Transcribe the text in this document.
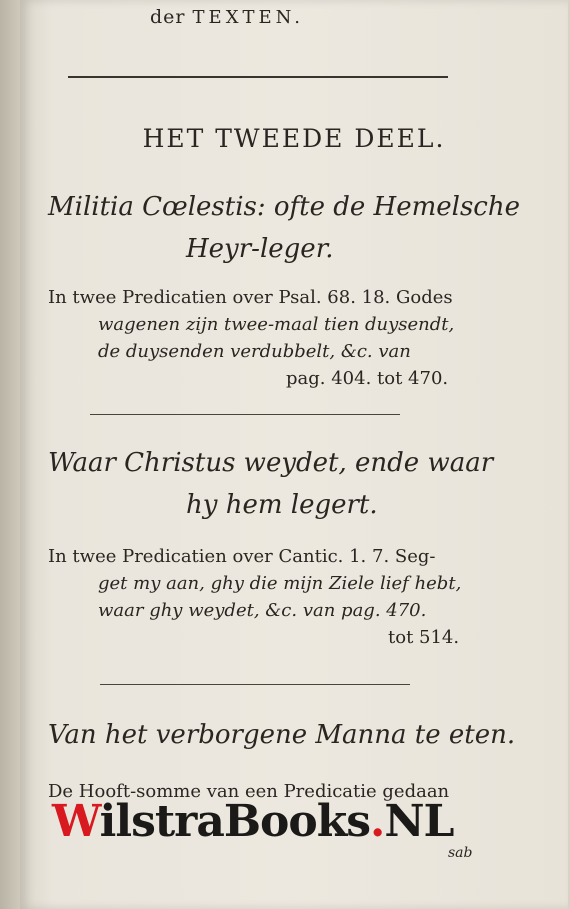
der TEXTEN.
HET TWEEDE DEEL.
Militia Cœlestis: ofte de Hemelsche
Heyr-leger.
In twee Predicatien over Psal. 68. 18. Godes
wagenen zijn twee-maal tien duysendt,
de duysenden verdubbelt, &c. van
pag. 404. tot 470.
Waar Christus weydet, ende waar
hy hem legert.
In twee Predicatien over Cantic. 1. 7. Seg-
get my aan, ghy die mijn Ziele lief hebt,
waar ghy weydet, &c. van pag. 470.
tot 514.
Van het verborgene Manna te eten.
De Hooft-somme van een Predicatie gedaan
sab
WilstraBooks.NL
